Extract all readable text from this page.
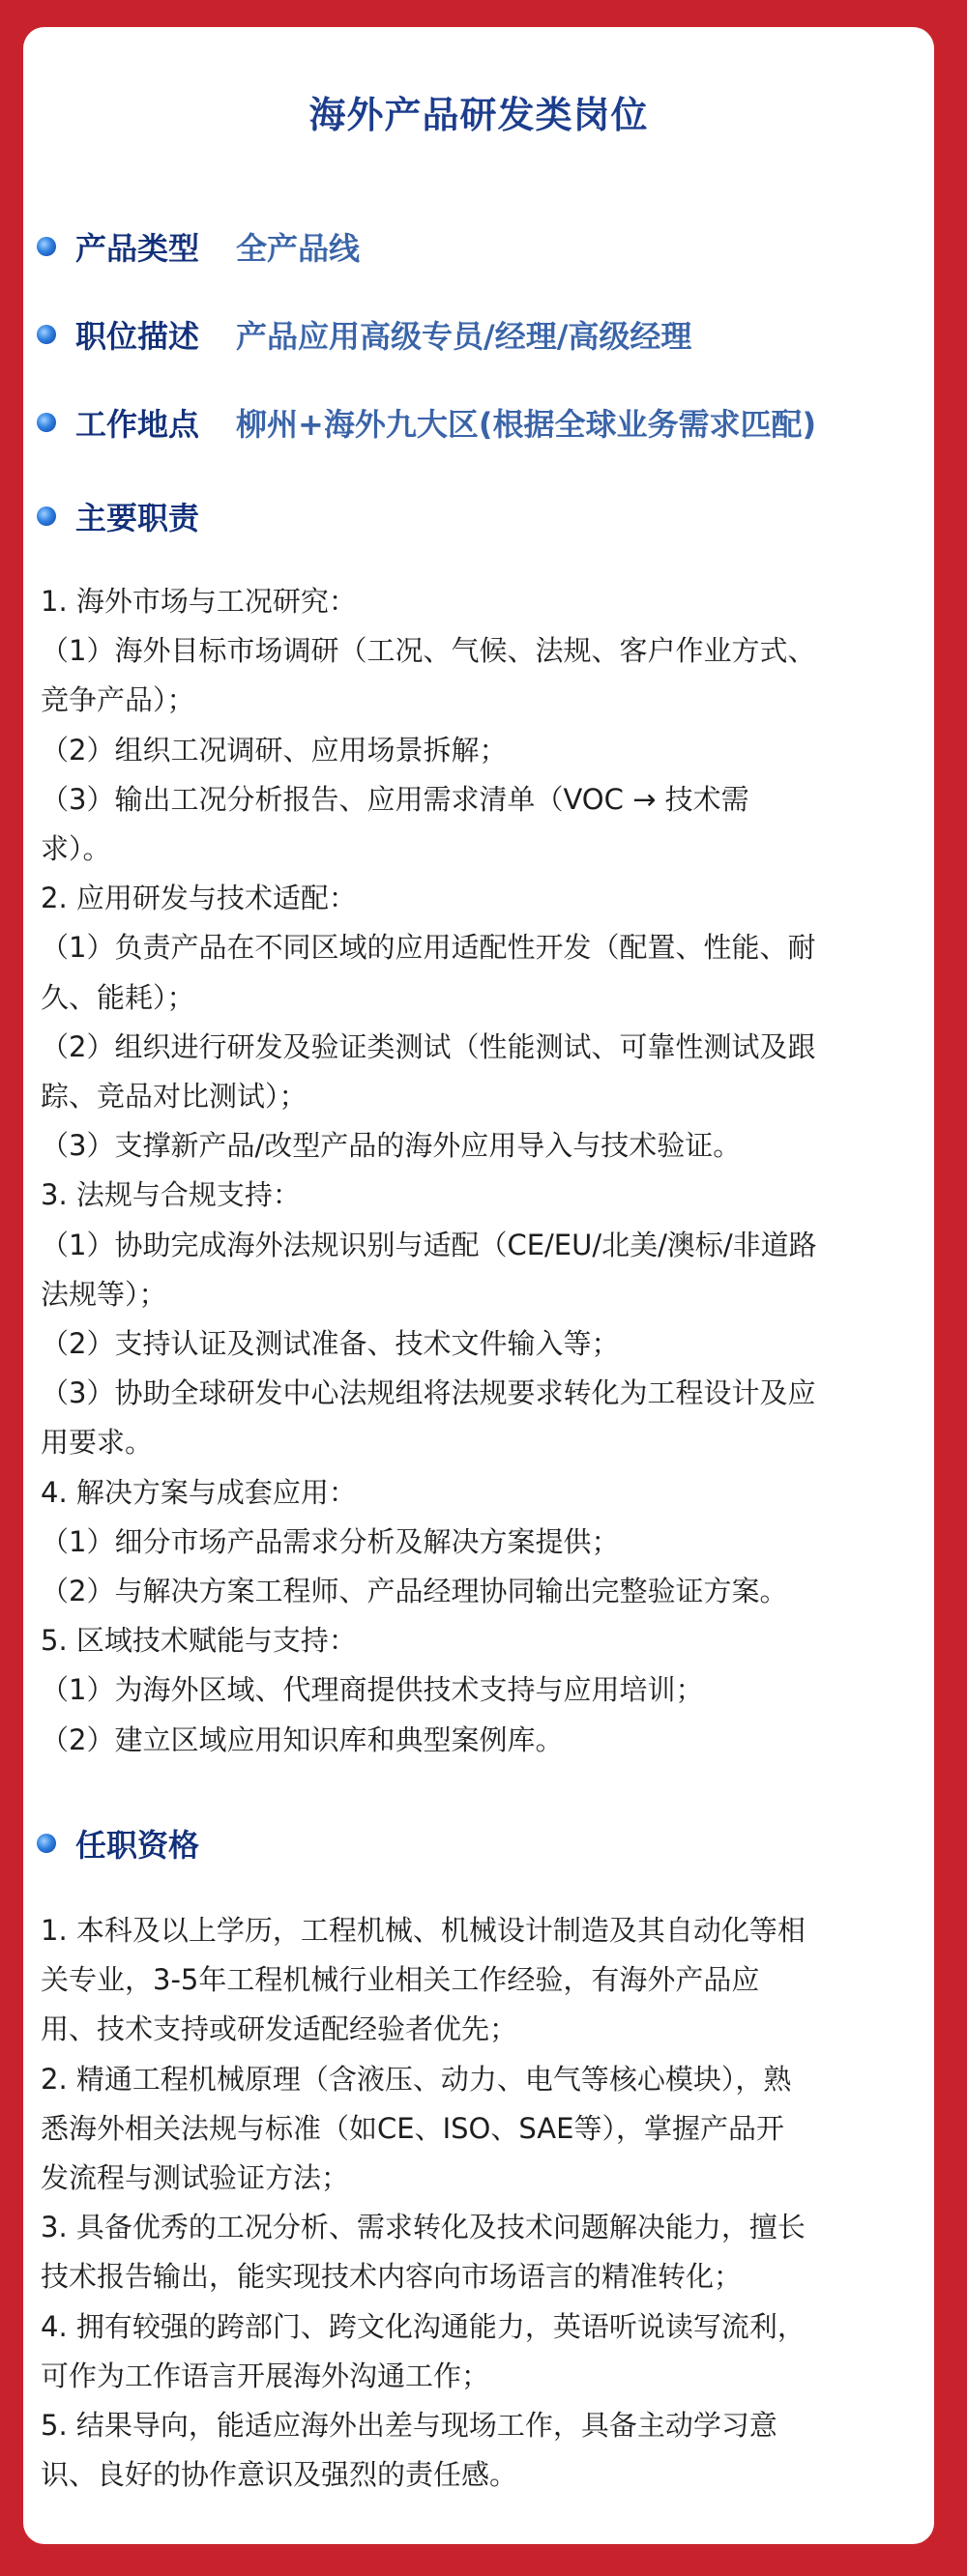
海外产品研发类岗位
产品类型 全产品线
职位描述 产品应用高级专员/经理/高级经理
工作地点 柳州+海外九大区(根据全球业务需求匹配)
主要职责
1. 海外市场与工况研究：
（1）海外目标市场调研（工况、气候、法规、客户作业方式、
竞争产品）；
（2）组织工况调研、应用场景拆解；
（3）输出工况分析报告、应用需求清单（VOC → 技术需
求）。
2. 应用研发与技术适配：
（1）负责产品在不同区域的应用适配性开发（配置、性能、耐
久、能耗）；
（2）组织进行研发及验证类测试（性能测试、可靠性测试及跟
踪、竞品对比测试）；
（3）支撑新产品/改型产品的海外应用导入与技术验证。
3. 法规与合规支持：
（1）协助完成海外法规识别与适配（CE/EU/北美/澳标/非道路
法规等）；
（2）支持认证及测试准备、技术文件输入等；
（3）协助全球研发中心法规组将法规要求转化为工程设计及应
用要求。
4. 解决方案与成套应用：
（1）细分市场产品需求分析及解决方案提供；
（2）与解决方案工程师、产品经理协同输出完整验证方案。
5. 区域技术赋能与支持：
（1）为海外区域、代理商提供技术支持与应用培训；
（2）建立区域应用知识库和典型案例库。
任职资格
1. 本科及以上学历，工程机械、机械设计制造及其自动化等相
关专业，3-5年工程机械行业相关工作经验，有海外产品应
用、技术支持或研发适配经验者优先；
2. 精通工程机械原理（含液压、动力、电气等核心模块），熟
悉海外相关法规与标准（如CE、ISO、SAE等），掌握产品开
发流程与测试验证方法；
3. 具备优秀的工况分析、需求转化及技术问题解决能力，擅长
技术报告输出，能实现技术内容向市场语言的精准转化；
4. 拥有较强的跨部门、跨文化沟通能力，英语听说读写流利，
可作为工作语言开展海外沟通工作；
5. 结果导向，能适应海外出差与现场工作，具备主动学习意
识、良好的协作意识及强烈的责任感。
